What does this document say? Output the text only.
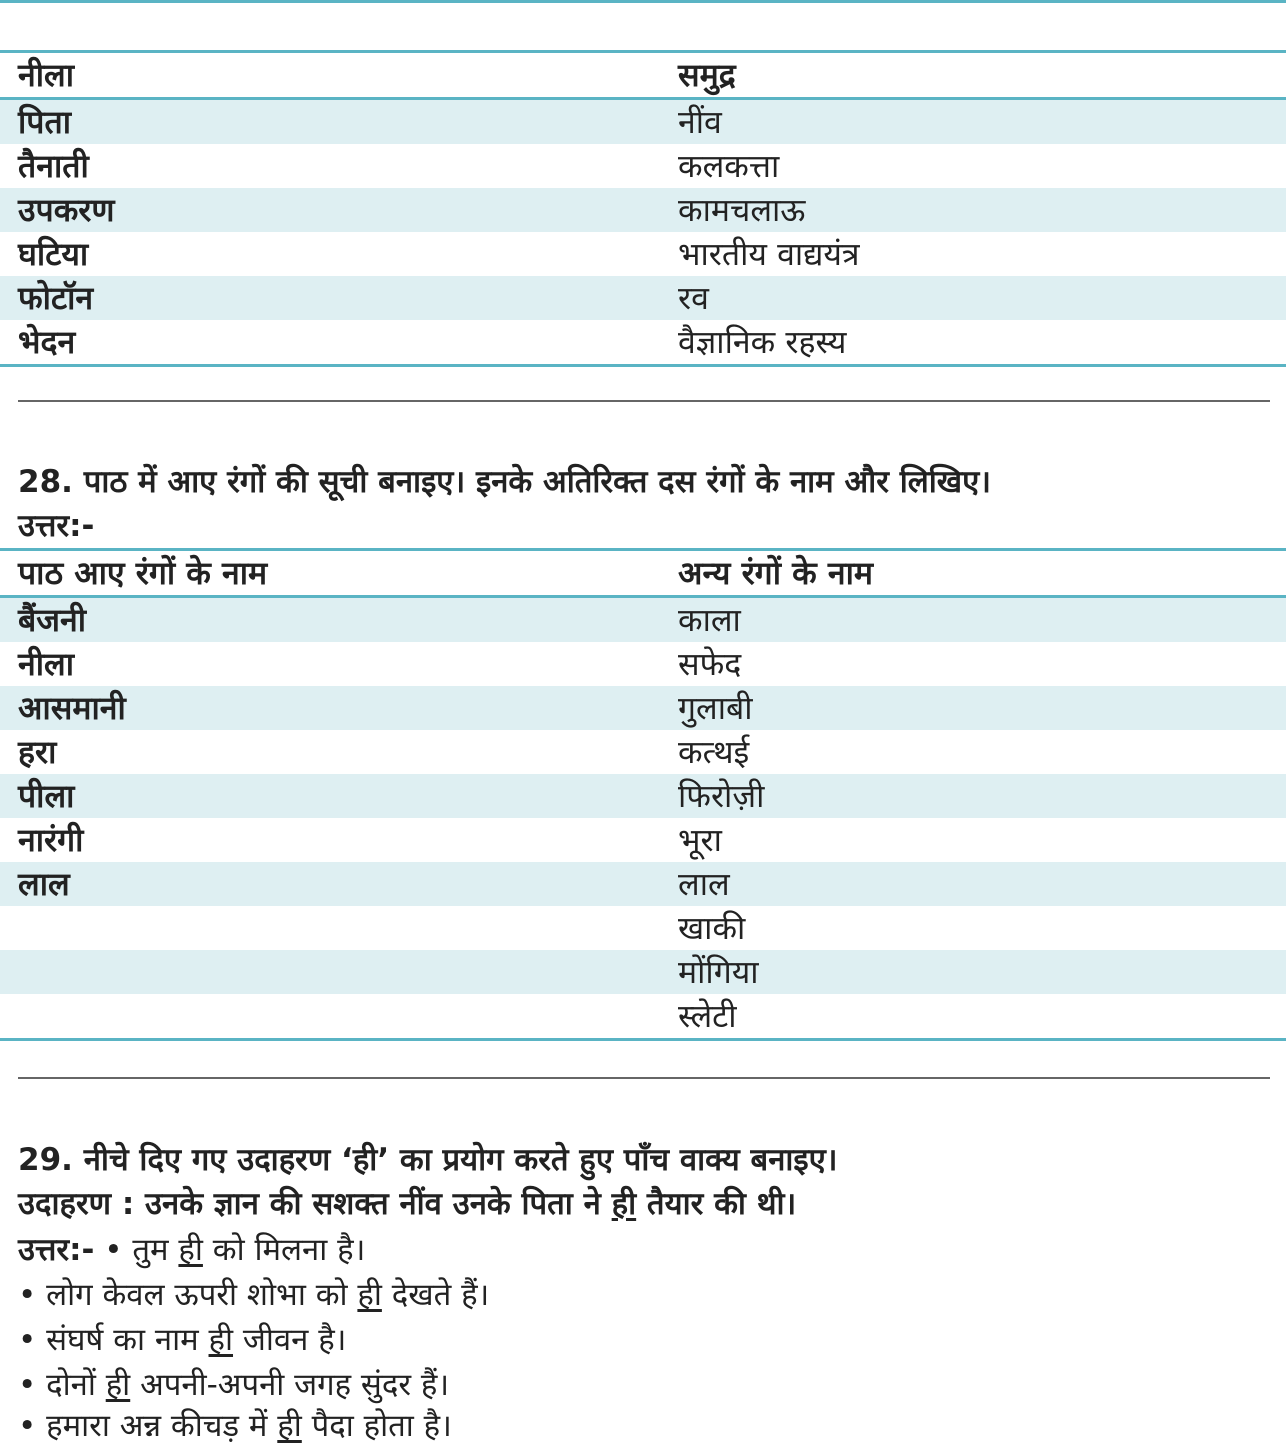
नीला	समुद्र
पिता	नींव
तैनाती	कलकत्ता
उपकरण	कामचलाऊ
घटिया	भारतीय वाद्ययंत्र
फोटॉन	रव
भेदन	वैज्ञानिक रहस्य
28. पाठ में आए रंगों की सूची बनाइए। इनके अतिरिक्त दस रंगों के नाम और लिखिए।
उत्तर:-
पाठ आए रंगों के नाम	अन्य रंगों के नाम
बैंजनी	काला
नीला	सफेद
आसमानी	गुलाबी
हरा	कत्थई
पीला	फिरोज़ी
नारंगी	भूरा
लाल	लाल
	खाकी
	मोंगिया
	स्लेटी
29. नीचे दिए गए उदाहरण ‘ही’ का प्रयोग करते हुए पाँच वाक्य बनाइए।
उदाहरण : उनके ज्ञान की सशक्त नींव उनके पिता ने ही तैयार की थी।
उत्तर:- • तुम ही को मिलना है।
• लोग केवल ऊपरी शोभा को ही देखते हैं।
• संघर्ष का नाम ही जीवन है।
• दोनों ही अपनी-अपनी जगह सुंदर हैं।
• हमारा अन्न कीचड़ में ही पैदा होता है।
